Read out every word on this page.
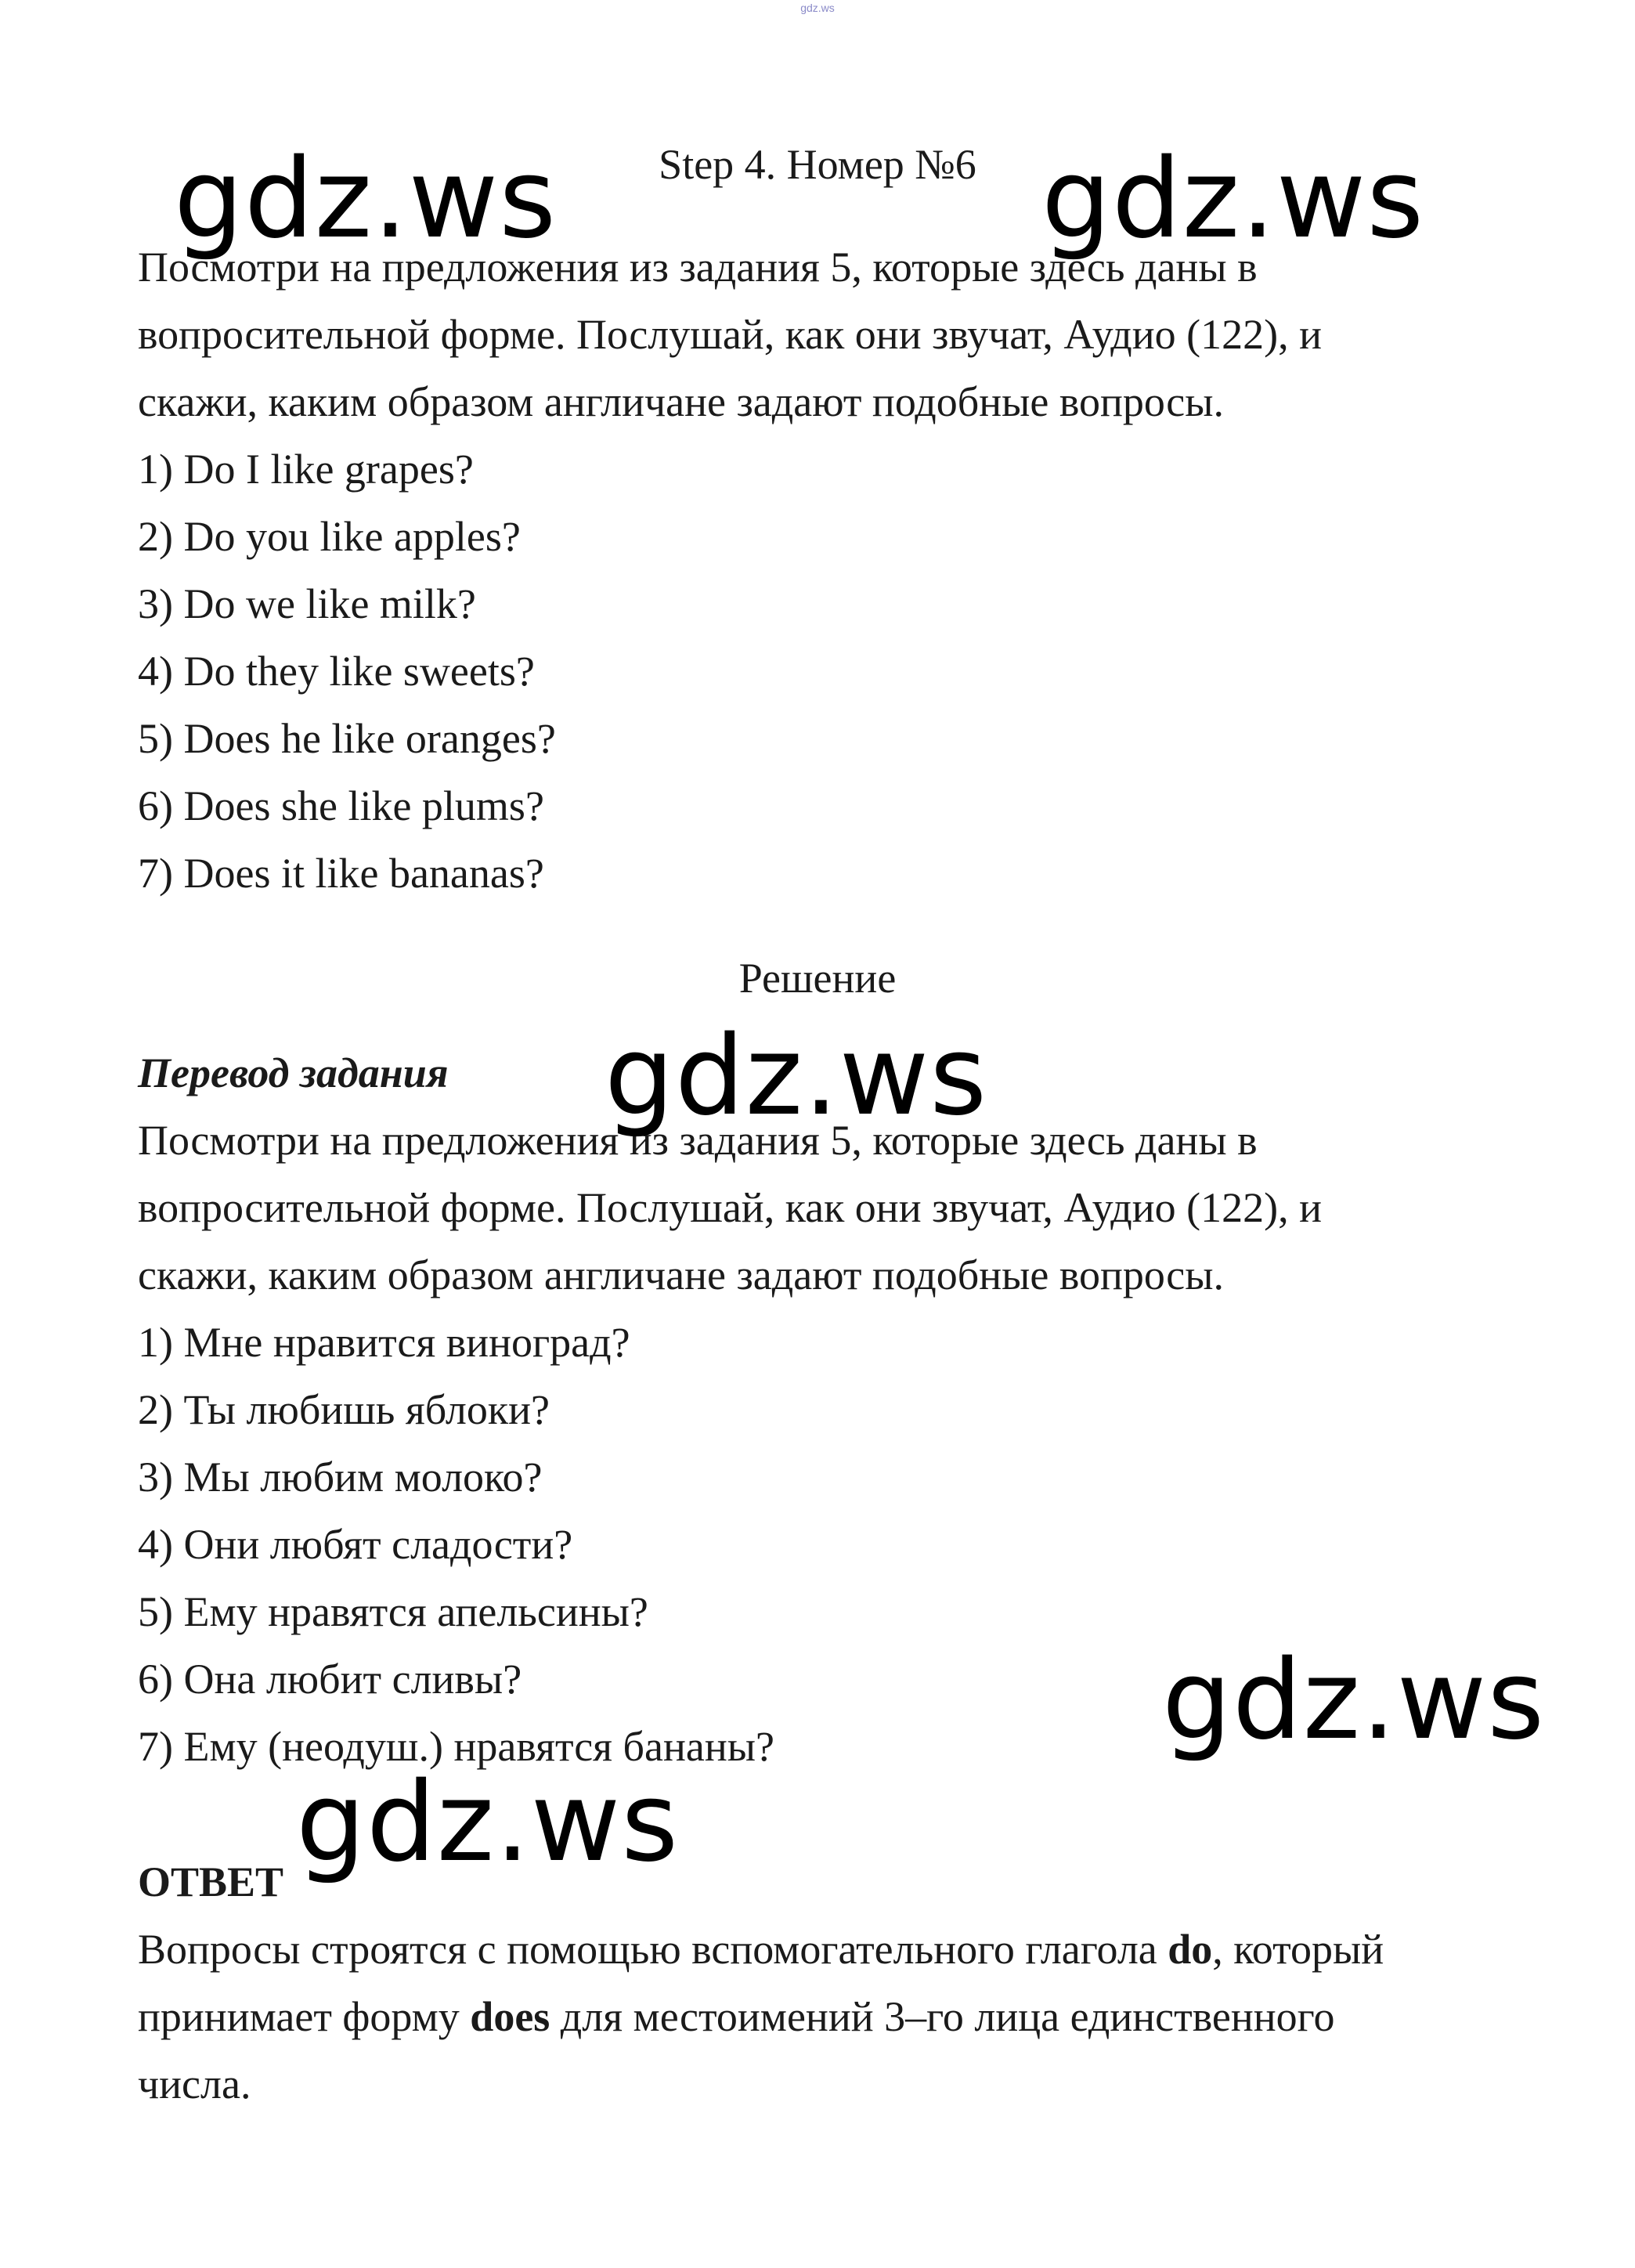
gdz.ws
Step 4. Номер №6
Посмотри на предложения из задания 5, которые здесь даны в
вопросительной форме. Послушай, как они звучат, Аудио (122), и
скажи, каким образом англичане задают подобные вопросы.
1) Do I like grapes?
2) Do you like apples?
3) Do we like milk?
4) Do they like sweets?
5) Does he like oranges?
6) Does she like plums?
7) Does it like bananas?
Решение
Перевод задания
Посмотри на предложения из задания 5, которые здесь даны в
вопросительной форме. Послушай, как они звучат, Аудио (122), и
скажи, каким образом англичане задают подобные вопросы.
1) Мне нравится виноград?
2) Ты любишь яблоки?
3) Мы любим молоко?
4) Они любят сладости?
5) Ему нравятся апельсины?
6) Она любит сливы?
7) Ему (неодуш.) нравятся бананы?
ОТВЕТ
Вопросы строятся с помощью вспомогательного глагола do, который
принимает форму does для местоимений 3–го лица единственного
числа.
gdz.ws	gdz.ws
gdz.ws
gdz.ws
gdz.ws
